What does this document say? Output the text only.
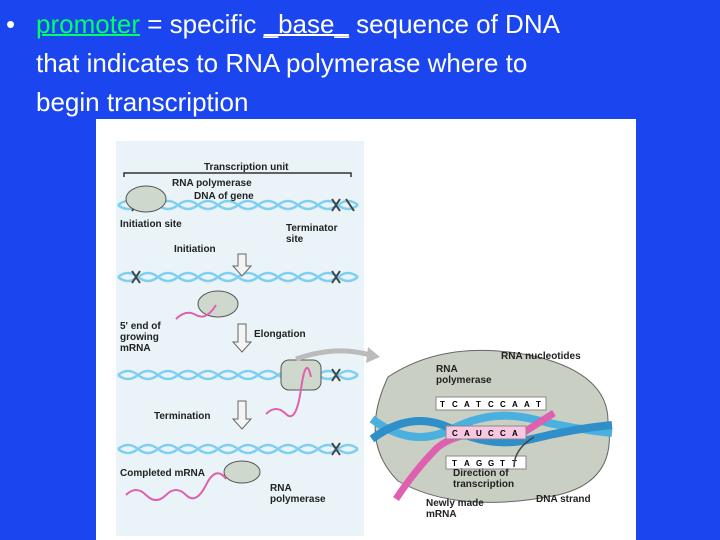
• promoter = specific _base_ sequence of DNA
that indicates to RNA polymerase where to
begin transcription
Transcription unit
RNA polymerase
DNA of gene
Initiation site	Terminator
site
Initiation
5' end of
growing
mRNA
Elongation
Termination
Completed mRNA
RNA
polymerase
T C A T C C A A T
C A U C C A
T A G G T T
RNA nucleotides
RNA
polymerase
Direction of
transcription
Newly made
mRNA
DNA strand
